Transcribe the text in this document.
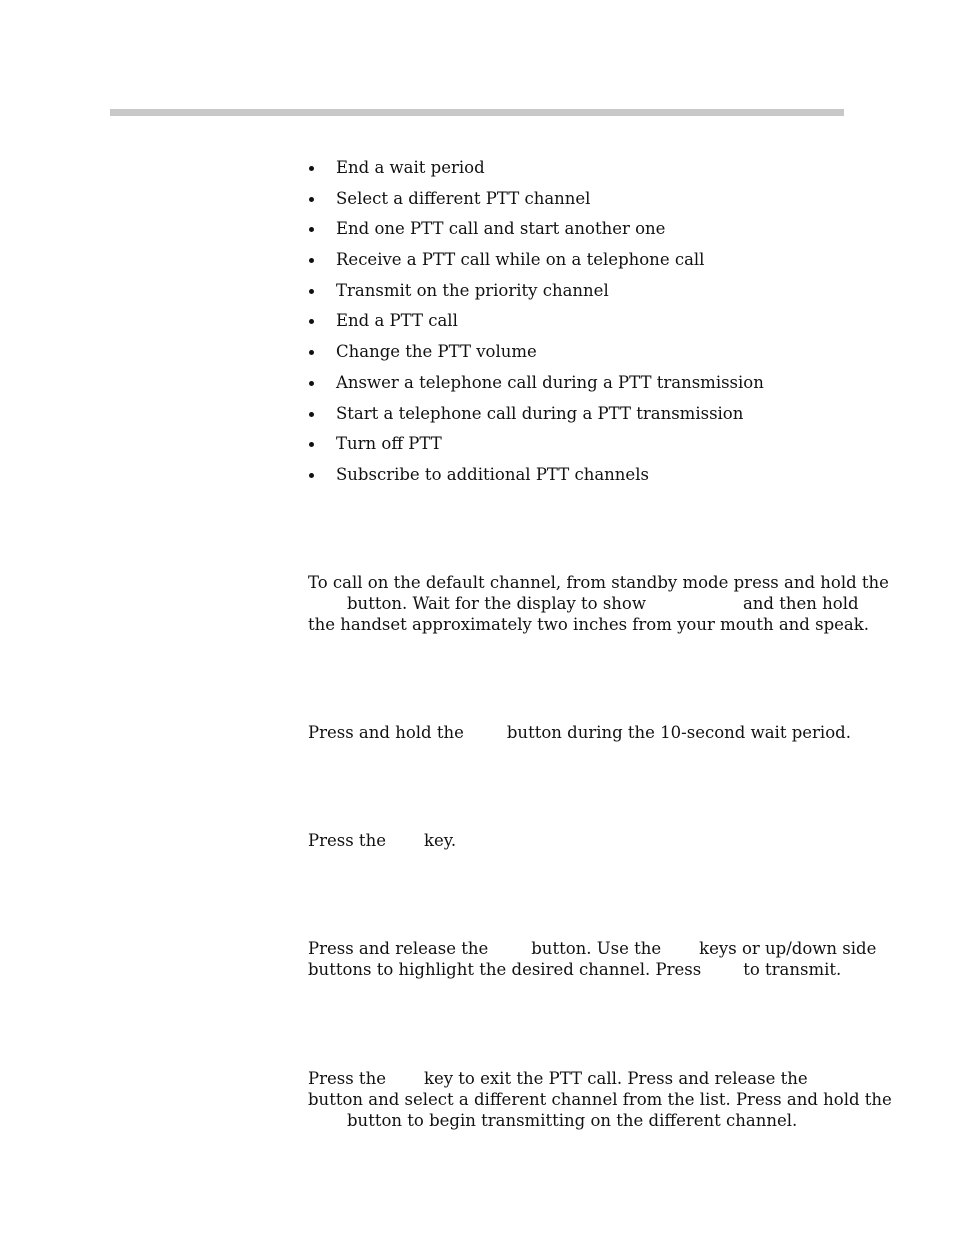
End a wait period
Select a different PTT channel
End one PTT call and start another one
Receive a PTT call while on a telephone call
Transmit on the priority channel
End a PTT call
Change the PTT volume
Answer a telephone call during a PTT transmission
Start a telephone call during a PTT transmission
Turn off PTT
Subscribe to additional PTT channels
To call on the default channel, from standby mode press and hold the
button. Wait for the display to show	and then hold
the handset approximately two inches from your mouth and speak.
Press and hold the	button during the 10-second wait period.
Press the key.
Press and release the	button. Use the keys or up/down side
buttons to highlight the desired channel. Press	to transmit.
Press the key to exit the PTT call. Press and release the
button and select a different channel from the list. Press and hold the
button to begin transmitting on the different channel.
